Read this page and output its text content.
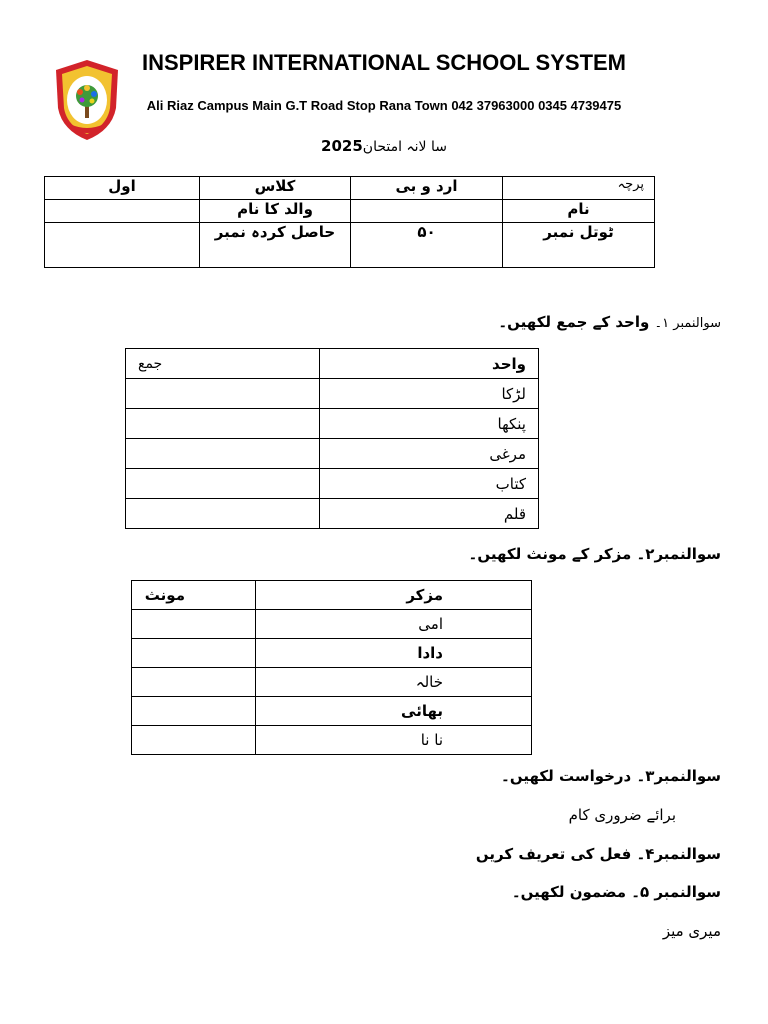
INSPIRER INTERNATIONAL SCHOOL SYSTEM
Ali Riaz Campus Main G.T Road Stop Rana Town 042 37963000 0345 4739475
2025سا لانہ امتحان
پرچہ	ارد و بی	کلاس	اول
نام		والد کا نام	
ٹوتل نمبر	۵۰	حاصل کردہ نمبر	
سوالنمبر ۱۔ واحد کے جمع لکھیں۔
واحد	جمع
لڑکا	
پنکھا	
مرغی	
کتاب	
قلم	
سوالنمبر۲۔ مزکر کے مونث لکھیں۔
مزکر	مونث
امی	
دادا	
خالہ	
بھائی	
نا نا	
سوالنمبر۳۔ درخواست لکھیں۔
برائے ضروری کام
سوالنمبر۴۔ فعل کی تعریف کریں
سوالنمبر ۵۔ مضمون لکھیں۔
میری میز
